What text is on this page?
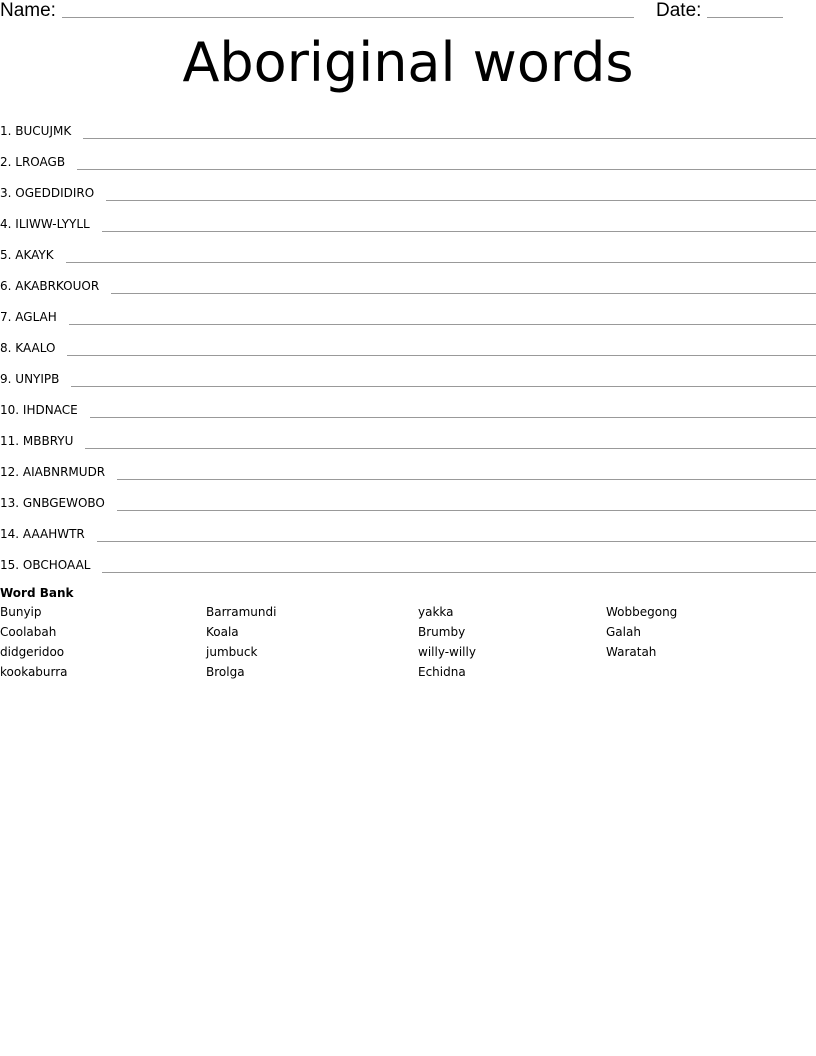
Name:	Date:
Aboriginal words
1.
BUCUJMK
2.
LROAGB
3.
OGEDDIDIRO
4.
ILIWW-LYYLL
5.
AKAYK
6.
AKABRKOUOR
7.
AGLAH
8.
KAALO
9.
UNYIPB
10.
IHDNACE
11.
MBBRYU
12.
AIABNRMUDR
13.
GNBGEWOBO
14.
AAAHWTR
15.
OBCHOAAL
Word Bank
Bunyip
Coolabah
didgeridoo
kookaburra
Barramundi
Koala
jumbuck
Brolga
yakka
Brumby
willy-willy
Echidna
Wobbegong
Galah
Waratah
